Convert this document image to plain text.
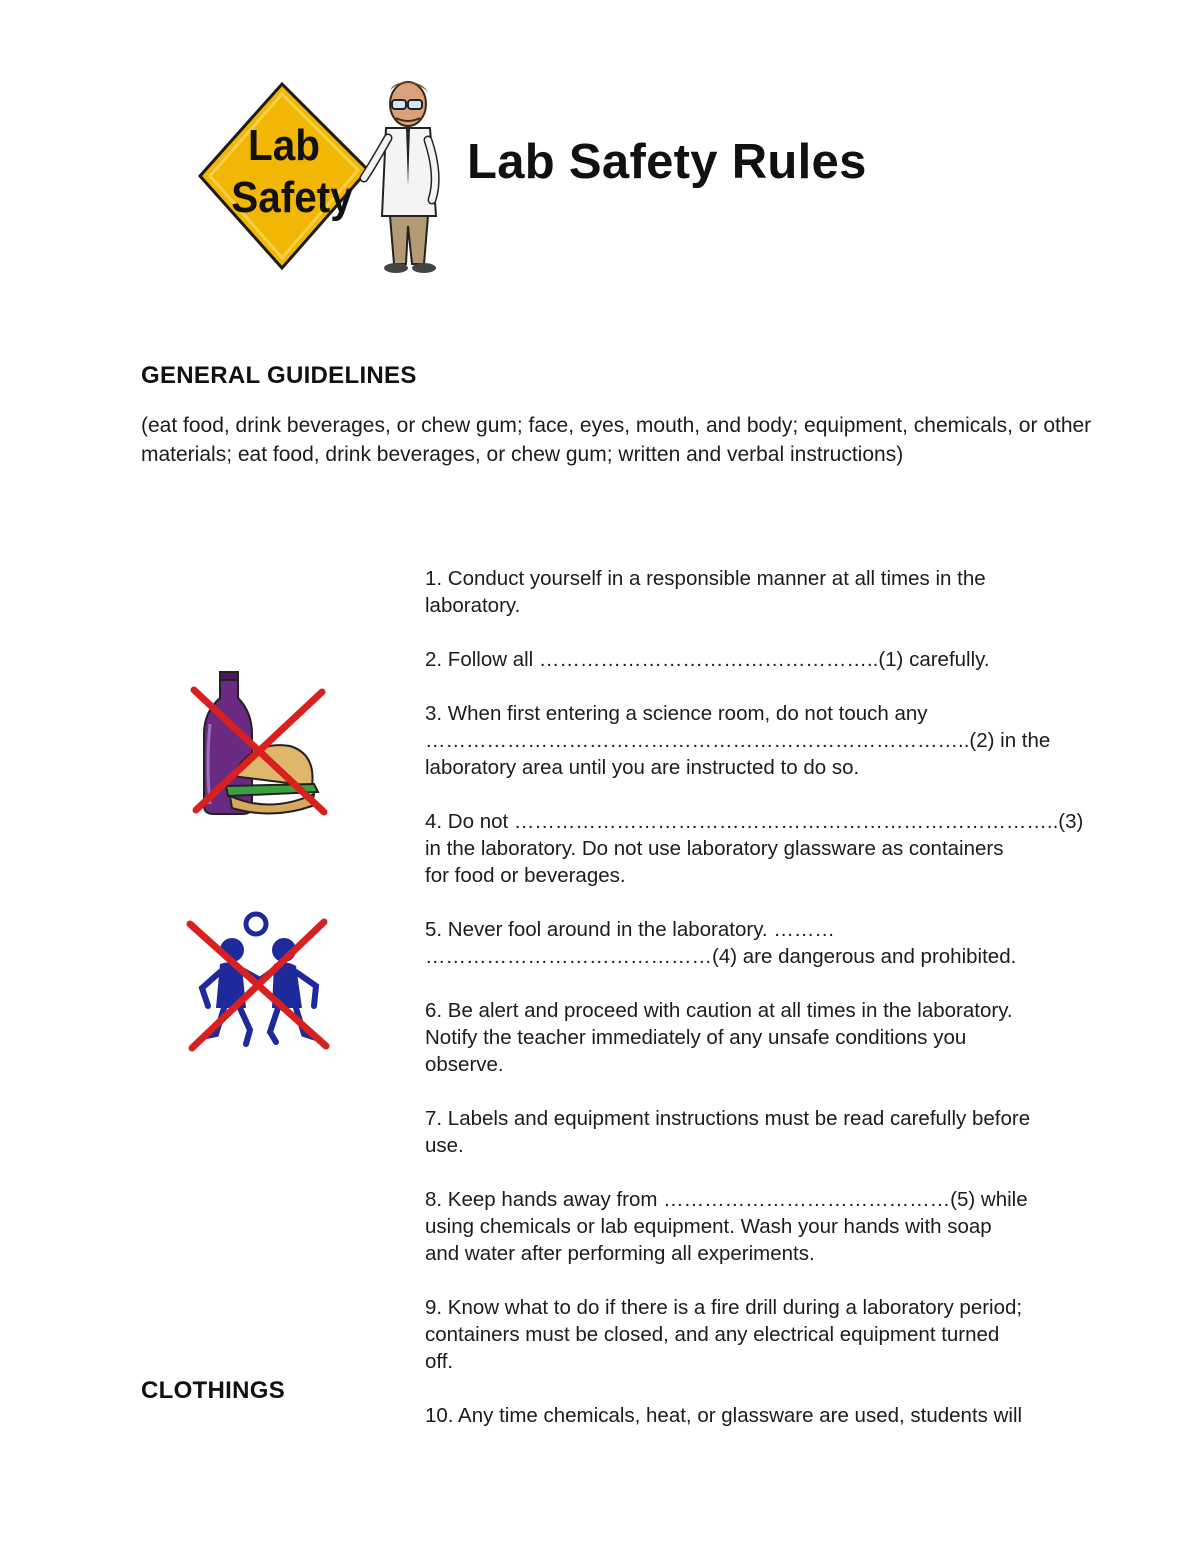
Lab
Safety
Lab Safety Rules
GENERAL GUIDELINES
(eat food, drink beverages, or chew gum; face, eyes, mouth, and body; equipment, chemicals, or other materials; eat food, drink beverages, or chew gum; written and verbal instructions)
1. Conduct yourself in a responsible manner at all times in the
laboratory.
2. Follow all …………………………………………..(1) carefully.
3. When first entering a science room, do not touch any
……………………………………………………………………..(2) in the
laboratory area until you are instructed to do so.
4. Do not ……………………………………………………………………..(3)
in the laboratory. Do not use laboratory glassware as containers
for food or beverages.
5. Never fool around in the laboratory. ………
……………………………………(4) are dangerous and prohibited.
6. Be alert and proceed with caution at all times in the laboratory.
Notify the teacher immediately of any unsafe conditions you
observe.
7. Labels and equipment instructions must be read carefully before
use.
8. Keep hands away from ……………………………………(5) while
using chemicals or lab equipment. Wash your hands with soap
and water after performing all experiments.
9. Know what to do if there is a fire drill during a laboratory period;
containers must be closed, and any electrical equipment turned
off.
10. Any time chemicals, heat, or glassware are used, students will
CLOTHINGS
